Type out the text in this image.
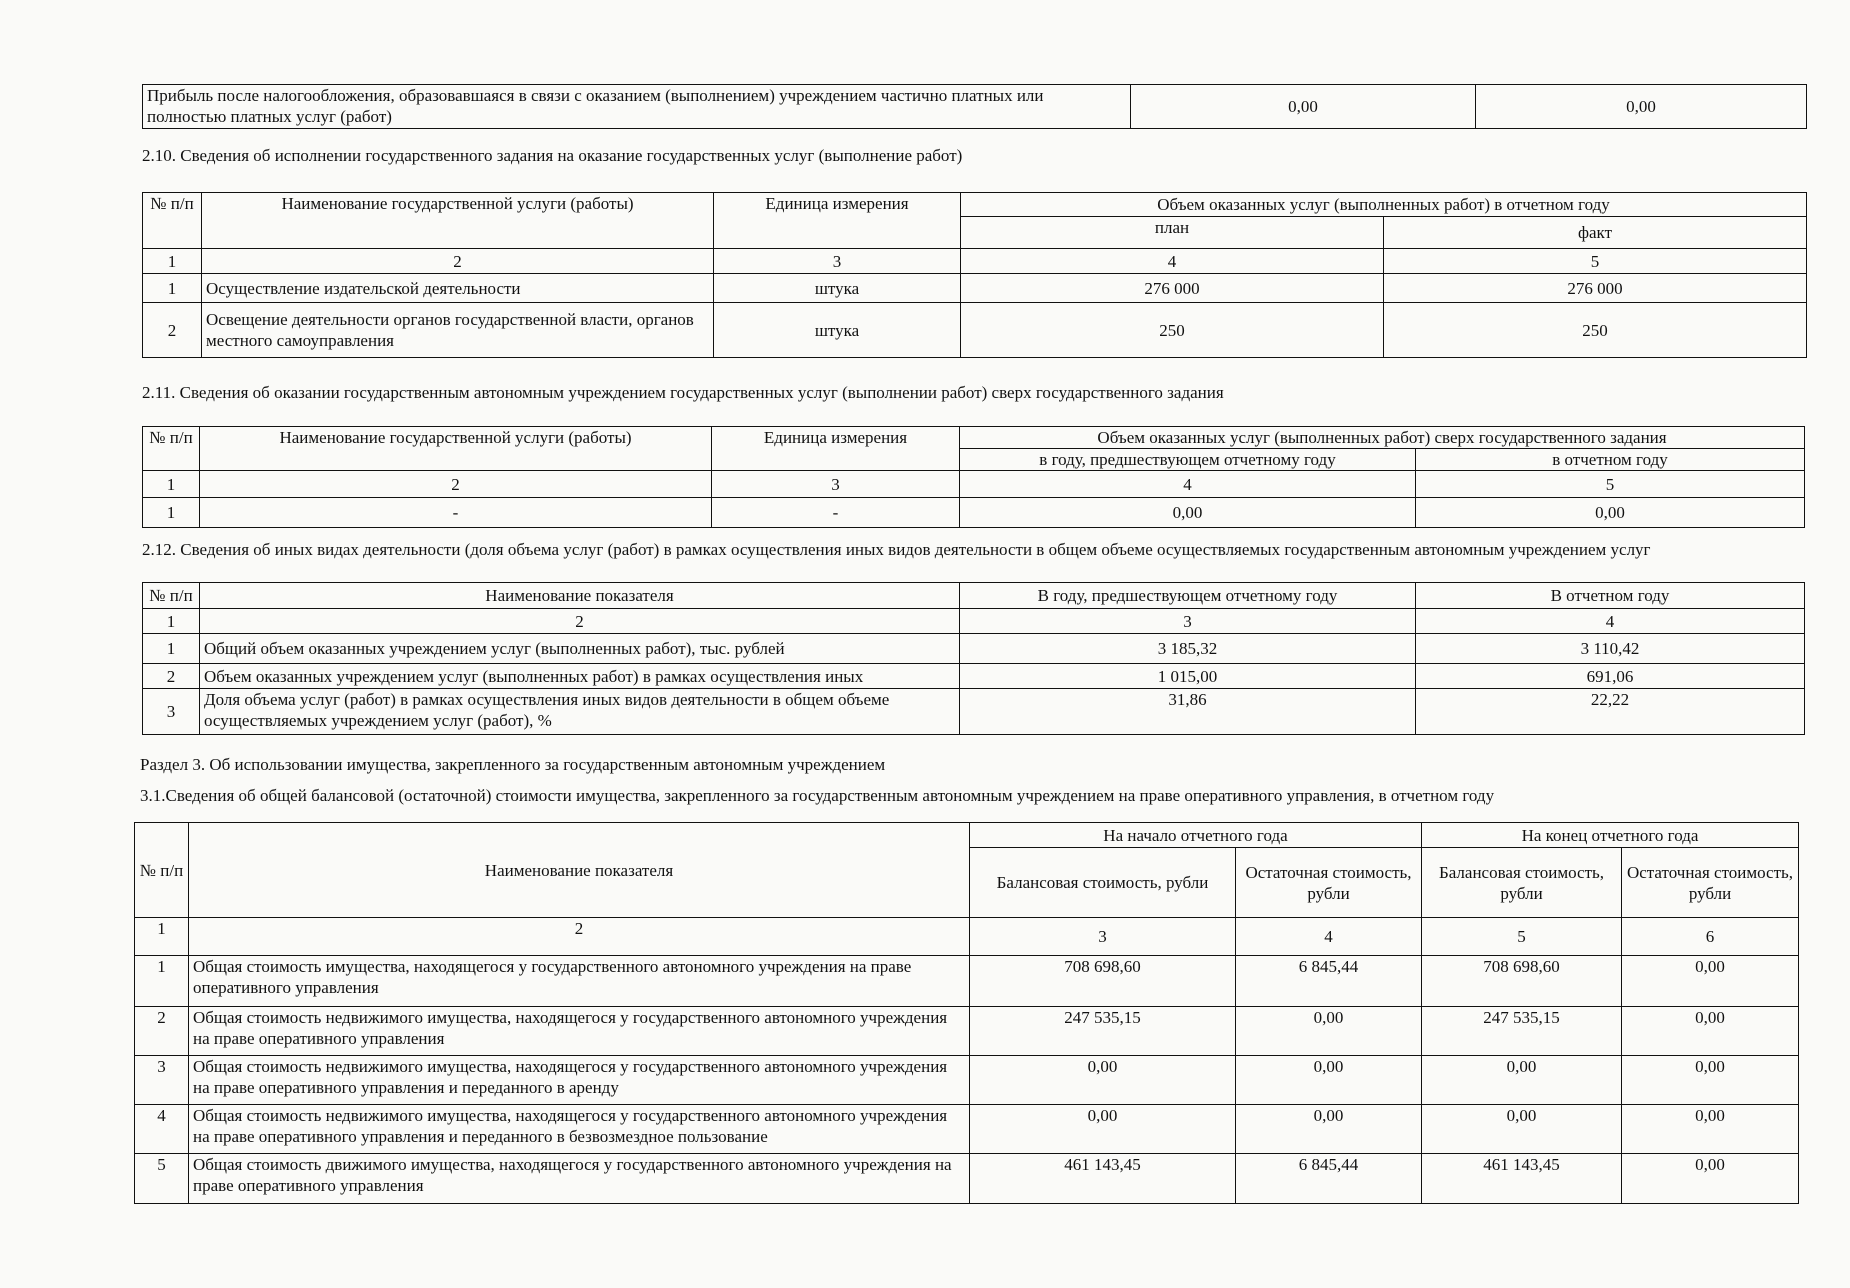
Прибыль после налогообложения, образовавшаяся в связи с оказанием (выполнением) учреждением частично платных или полностью платных услуг (работ)	0,00	0,00
2.10. Сведения об исполнении государственного задания на оказание государственных услуг (выполнение работ)
№ п/п	Наименование государственной услуги (работы)	Единица измерения	Объем оказанных услуг (выполненных работ) в отчетном году	
			план	факт
1	2	3	4	5
1	Осуществление издательской деятельности	штука	276 000	276 000
2	Освещение деятельности органов государственной власти, органов местного самоуправления	штука	250	250
2.11. Сведения об оказании государственным автономным учреждением государственных услуг (выполнении работ) сверх государственного задания
№ п/п	Наименование государственной услуги (работы)	Единица измерения	Объем оказанных услуг (выполненных работ) сверх государственного задания	
			в году, предшествующем отчетному году	в отчетном году
1	2	3	4	5
1	-	-	0,00	0,00
2.12. Сведения об иных видах деятельности (доля объема услуг (работ) в рамках осуществления иных видов деятельности в общем объеме осуществляемых государственным автономным учреждением услуг
№ п/п	Наименование показателя	В году, предшествующем отчетному году	В отчетном году
1	2	3	4
1	Общий объем оказанных учреждением услуг (выполненных работ), тыс. рублей	3 185,32	3 110,42
2	Объем оказанных учреждением услуг (выполненных работ) в рамках осуществления иных	1 015,00	691,06
3	Доля объема услуг (работ) в рамках осуществления иных видов деятельности в общем объеме осуществляемых учреждением услуг (работ), %	31,86	22,22
Раздел 3. Об использовании имущества, закрепленного за государственным автономным учреждением
3.1.Сведения об общей балансовой (остаточной) стоимости имущества, закрепленного за государственным автономным учреждением на праве оперативного управления, в отчетном году
№ п/п	Наименование показателя	На начало отчетного года		На конец отчетного года	
		Балансовая стоимость, рубли	Остаточная стоимость, рубли	Балансовая стоимость, рубли	Остаточная стоимость, рубли
1	2	3	4	5	6
1	Общая стоимость имущества, находящегося у государственного автономного учреждения на праве оперативного управления	708 698,60	6 845,44	708 698,60	0,00
2	Общая стоимость недвижимого имущества, находящегося у государственного автономного учреждения на праве оперативного управления	247 535,15	0,00	247 535,15	0,00
3	Общая стоимость недвижимого имущества, находящегося у государственного автономного учреждения на праве оперативного управления и переданного в аренду	0,00	0,00	0,00	0,00
4	Общая стоимость недвижимого имущества, находящегося у государственного автономного учреждения на праве оперативного управления и переданного в безвозмездное пользование	0,00	0,00	0,00	0,00
5	Общая стоимость движимого имущества, находящегося у государственного автономного учреждения на праве оперативного управления	461 143,45	6 845,44	461 143,45	0,00
